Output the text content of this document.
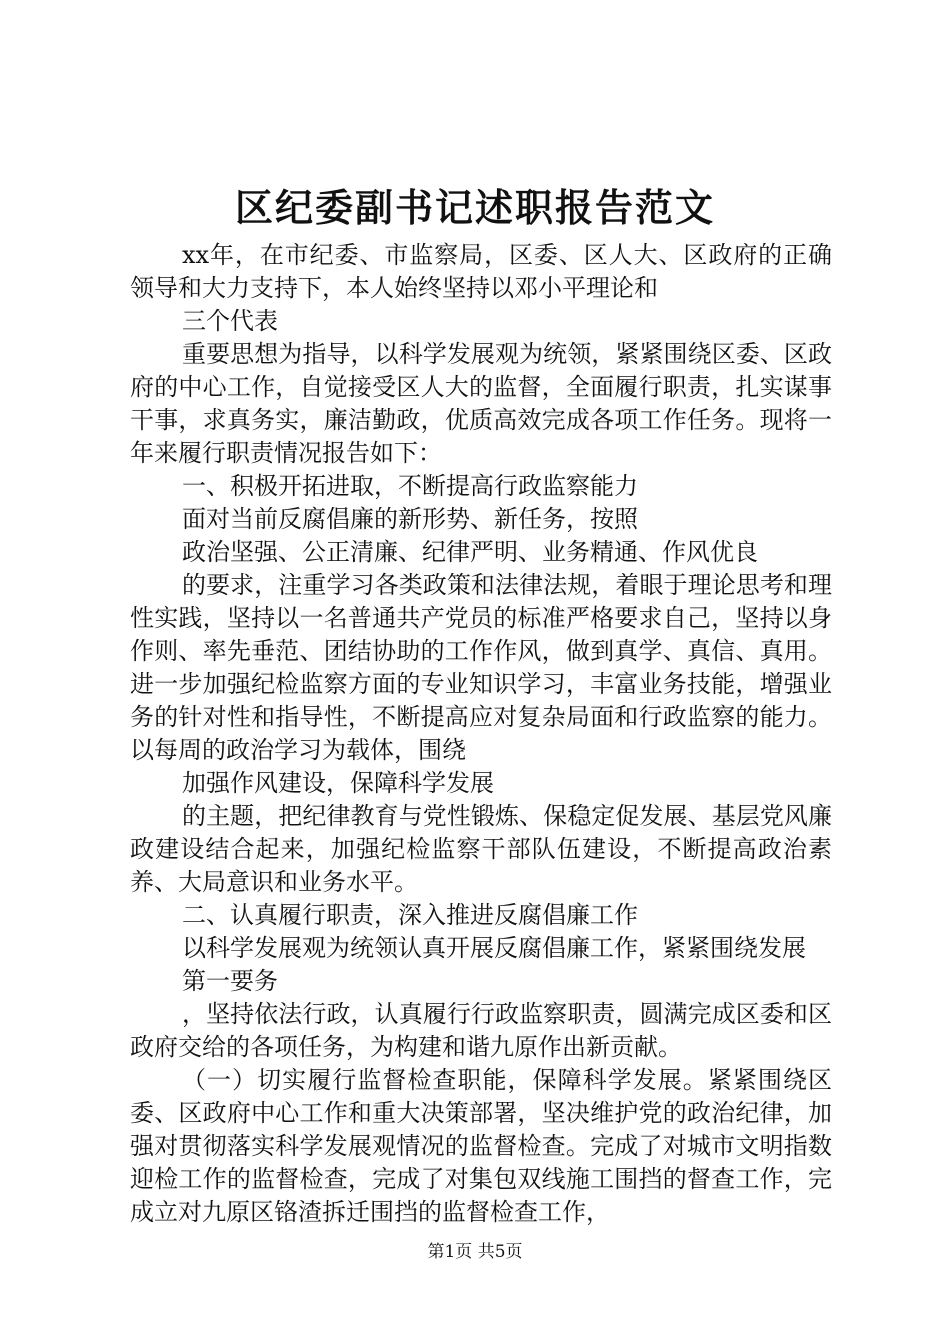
区纪委副书记述职报告范文

xx年，在市纪委、市监察局，区委、区人大、区政府的正确领导和大力支持下，本人始终坚持以邓小平理论和

三个代表

重要思想为指导，以科学发展观为统领，紧紧围绕区委、区政府的中心工作，自觉接受区人大的监督，全面履行职责，扎实谋事干事，求真务实，廉洁勤政，优质高效完成各项工作任务。现将一年来履行职责情况报告如下：

一、积极开拓进取，不断提高行政监察能力

面对当前反腐倡廉的新形势、新任务，按照

政治坚强、公正清廉、纪律严明、业务精通、作风优良

的要求，注重学习各类政策和法律法规，着眼于理论思考和理性实践，坚持以一名普通共产党员的标准严格要求自己，坚持以身作则、率先垂范、团结协助的工作作风，做到真学、真信、真用。进一步加强纪检监察方面的专业知识学习，丰富业务技能，增强业务的针对性和指导性，不断提高应对复杂局面和行政监察的能力。以每周的政治学习为载体，围绕

加强作风建设，保障科学发展

的主题，把纪律教育与党性锻炼、保稳定促发展、基层党风廉政建设结合起来，加强纪检监察干部队伍建设，不断提高政治素养、大局意识和业务水平。

二、认真履行职责，深入推进反腐倡廉工作

以科学发展观为统领认真开展反腐倡廉工作，紧紧围绕发展

第一要务

，坚持依法行政，认真履行行政监察职责，圆满完成区委和区政府交给的各项任务，为构建和谐九原作出新贡献。

（一）切实履行监督检查职能，保障科学发展。紧紧围绕区委、区政府中心工作和重大决策部署，坚决维护党的政治纪律，加强对贯彻落实科学发展观情况的监督检查。完成了对城市文明指数迎检工作的监督检查，完成了对集包双线施工围挡的督查工作，完成立对九原区铬渣拆迁围挡的监督检查工作，

第1页 共5页
